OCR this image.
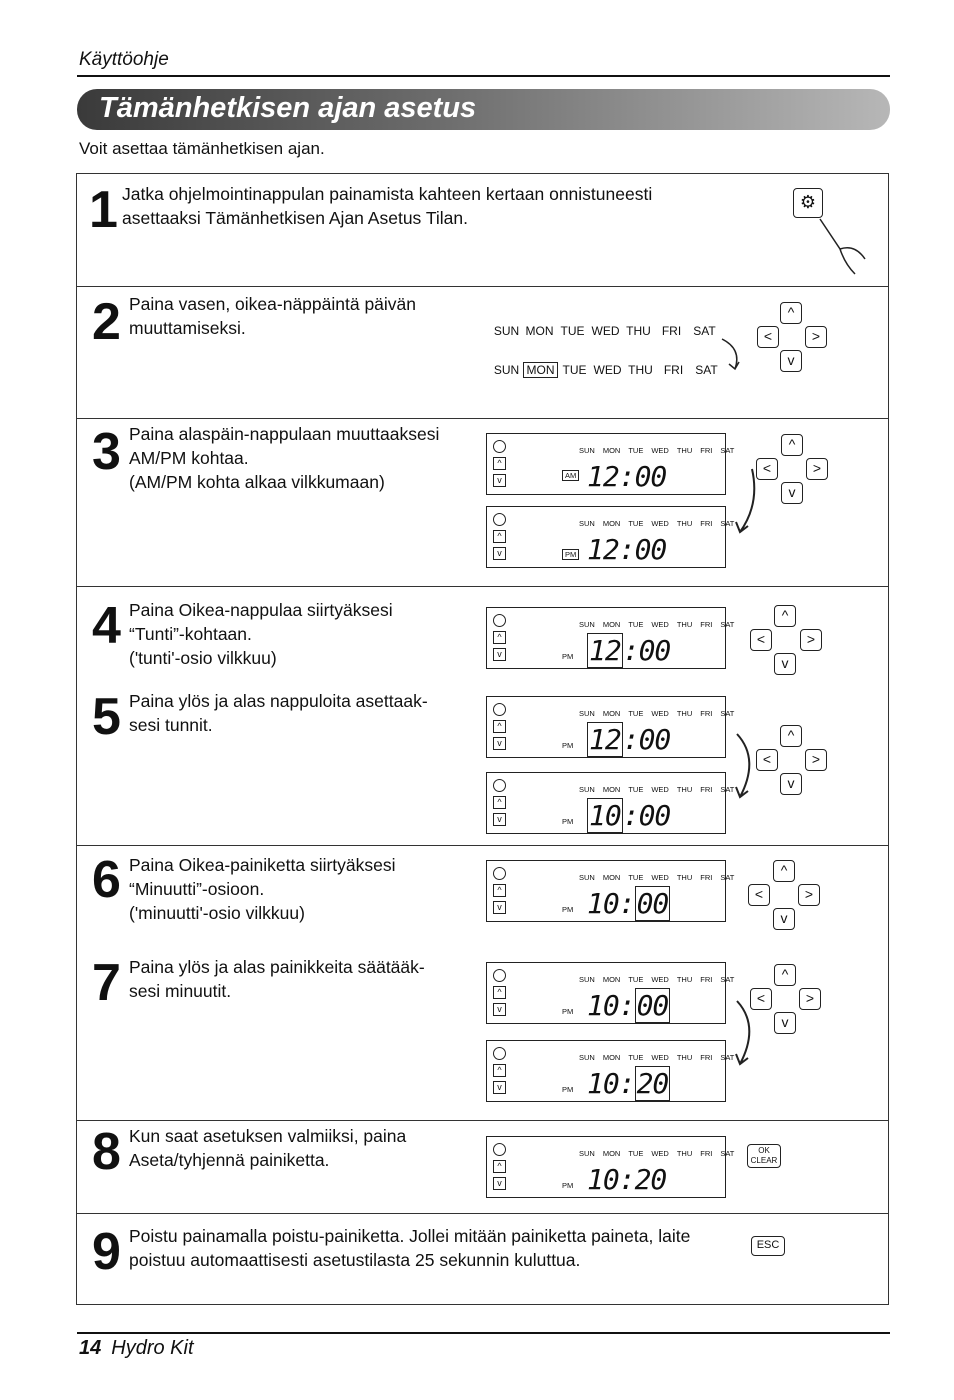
Käyttöohje
Tämänhetkisen ajan asetus
Voit asettaa tämänhetkisen ajan.
1 Jatka ohjelmointinappulan painamista kahteen kertaan onnistuneesti
asettaaksi Tämänhetkisen Ajan Asetus Tilan.
⚙
2 Paina vasen, oikea-näppäintä päivän
muuttamiseksi.	SUN MON TUE WED THU FRI SAT
SUN MON TUE WED THU FRI SAT
^
<	>
v
3 Paina alaspäin-nappulaan muuttaaksesi
AM/PM kohtaa.
(AM/PM kohta alkaa vilkkumaan)
^
v
SUN MON TUE WED THU FRI SAT
AM 12:00
^
v
SUN MON TUE WED THU FRI SAT
PM 12:00
^
<	>
v
4 Paina Oikea-nappulaa siirtyäksesi
“Tunti”-kohtaan.
('tunti'-osio vilkkuu)
5 Paina ylös ja alas nappuloita asettaak-
sesi tunnit.
^
v
SUN MON TUE WED THU FRI SAT
PM 12:00
^
v
SUN MON TUE WED THU FRI SAT
PM 12:00
^
v
SUN MON TUE WED THU FRI SAT
PM 10:00
^
<	>
v
^
<	>
v
6 Paina Oikea-painiketta siirtyäksesi
“Minuutti”-osioon.
('minuutti'-osio vilkkuu)
7 Paina ylös ja alas painikkeita säätääk-
sesi minuutit.
^
v
SUN MON TUE WED THU FRI SAT
PM 10:00
^
v
SUN MON TUE WED THU FRI SAT
PM 10:00
^
v
SUN MON TUE WED THU FRI SAT
PM 10:20
^
<	>
v
^
<	>
v
8 Kun saat asetuksen valmiiksi, paina
Aseta/tyhjennä painiketta.	^
v
SUN MON TUE WED THU FRI SAT
PM 10:20
OK
CLEAR
9 Poistu painamalla poistu-painiketta. Jollei mitään painiketta paineta, laite
poistuu automaattisesti asetustilasta 25 sekunnin kuluttua.
ESC
14 Hydro Kit
